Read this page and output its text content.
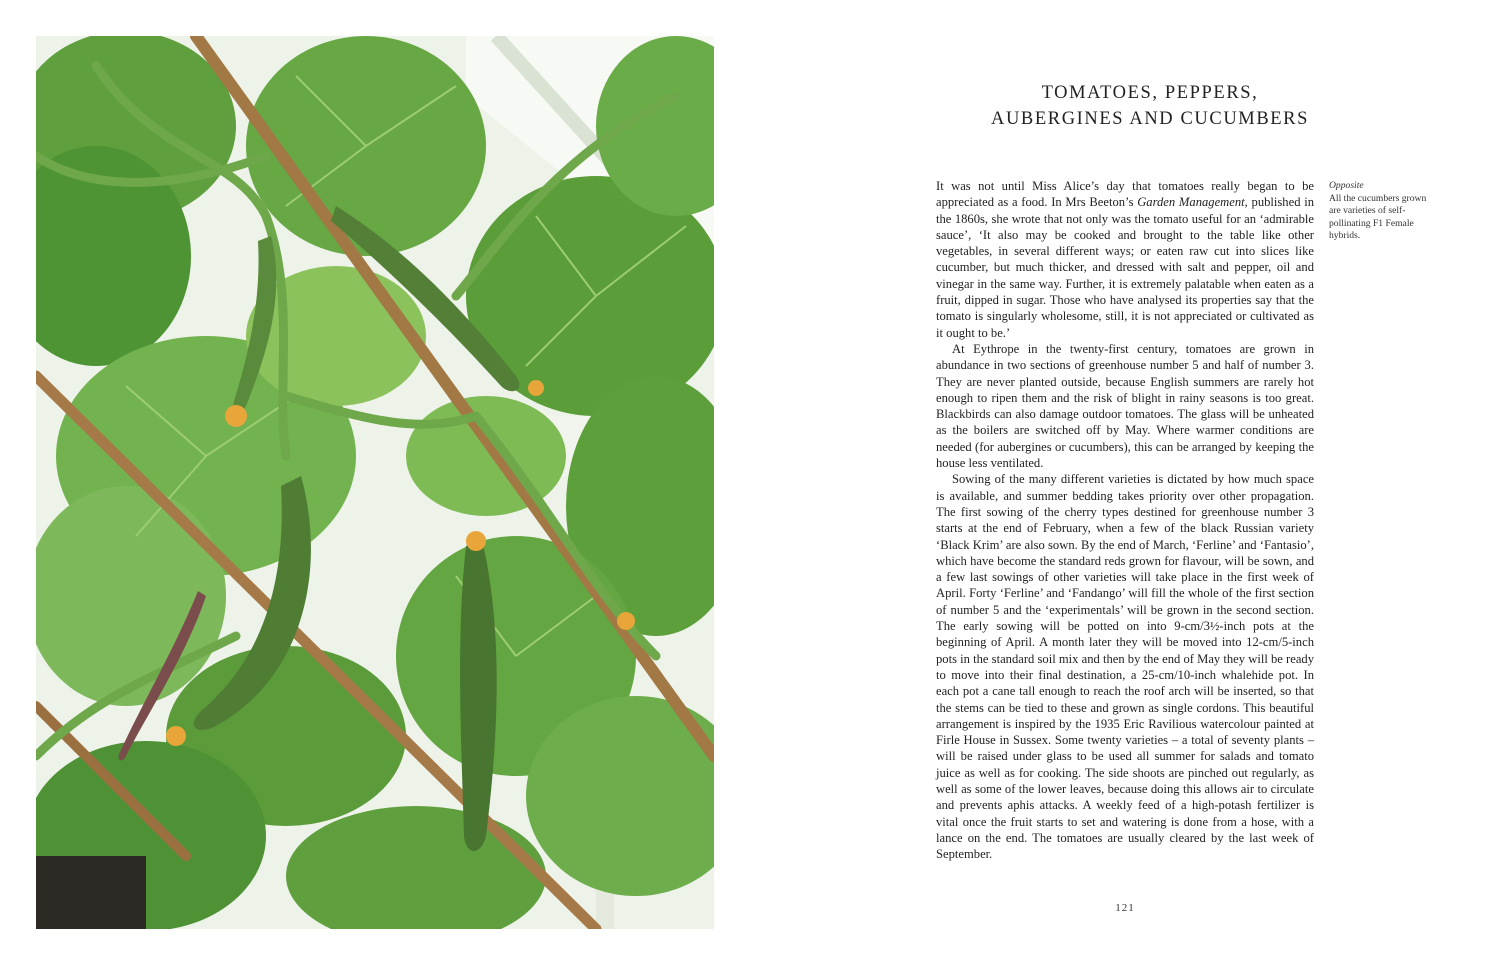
TOMATOES, PEPPERS,
AUBERGINES AND CUCUMBERS

It was not until Miss Alice’s day that tomatoes really began to be appreciated as a food. In Mrs Beeton’s Garden Management, published in the 1860s, she wrote that not only was the tomato useful for an ‘admirable sauce’, ‘It also may be cooked and brought to the table like other vegetables, in several different ways; or eaten raw cut into slices like cucumber, but much thicker, and dressed with salt and pepper, oil and vinegar in the same way. Further, it is extremely palatable when eaten as a fruit, dipped in sugar. Those who have analysed its properties say that the tomato is singularly wholesome, still, it is not appreciated or cultivated as it ought to be.’

At Eythrope in the twenty-first century, tomatoes are grown in abundance in two sections of greenhouse number 5 and half of number 3. They are never planted outside, because English summers are rarely hot enough to ripen them and the risk of blight in rainy seasons is too great. Blackbirds can also damage outdoor tomatoes. The glass will be unheated as the boilers are switched off by May. Where warmer conditions are needed (for aubergines or cucumbers), this can be arranged by keeping the house less ventilated.

Sowing of the many different varieties is dictated by how much space is available, and summer bedding takes priority over other propagation. The first sowing of the cherry types destined for greenhouse number 3 starts at the end of February, when a few of the black Russian variety ‘Black Krim’ are also sown. By the end of March, ‘Ferline’ and ‘Fantasio’, which have become the standard reds grown for flavour, will be sown, and a few last sowings of other varieties will take place in the first week of April. Forty ‘Ferline’ and ‘Fandango’ will fill the whole of the first section of number 5 and the ‘experimentals’ will be grown in the second section. The early sowing will be potted on into 9-cm/3½-inch pots at the beginning of April. A month later they will be moved into 12-cm/5-inch pots in the standard soil mix and then by the end of May they will be ready to move into their final destination, a 25-cm/10-inch whalehide pot. In each pot a cane tall enough to reach the roof arch will be inserted, so that the stems can be tied to these and grown as single cordons. This beautiful arrangement is inspired by the 1935 Eric Ravilious watercolour painted at Firle House in Sussex. Some twenty varieties – a total of seventy plants – will be raised under glass to be used all summer for salads and tomato juice as well as for cooking. The side shoots are pinched out regularly, as well as some of the lower leaves, because doing this allows air to circulate and prevents aphis attacks. A weekly feed of a high-potash fertilizer is vital once the fruit starts to set and watering is done from a hose, with a lance on the end. The tomatoes are usually cleared by the last week of September.

Opposite
All the cucumbers grown are varieties of self-pollinating F1 Female hybrids.
121
